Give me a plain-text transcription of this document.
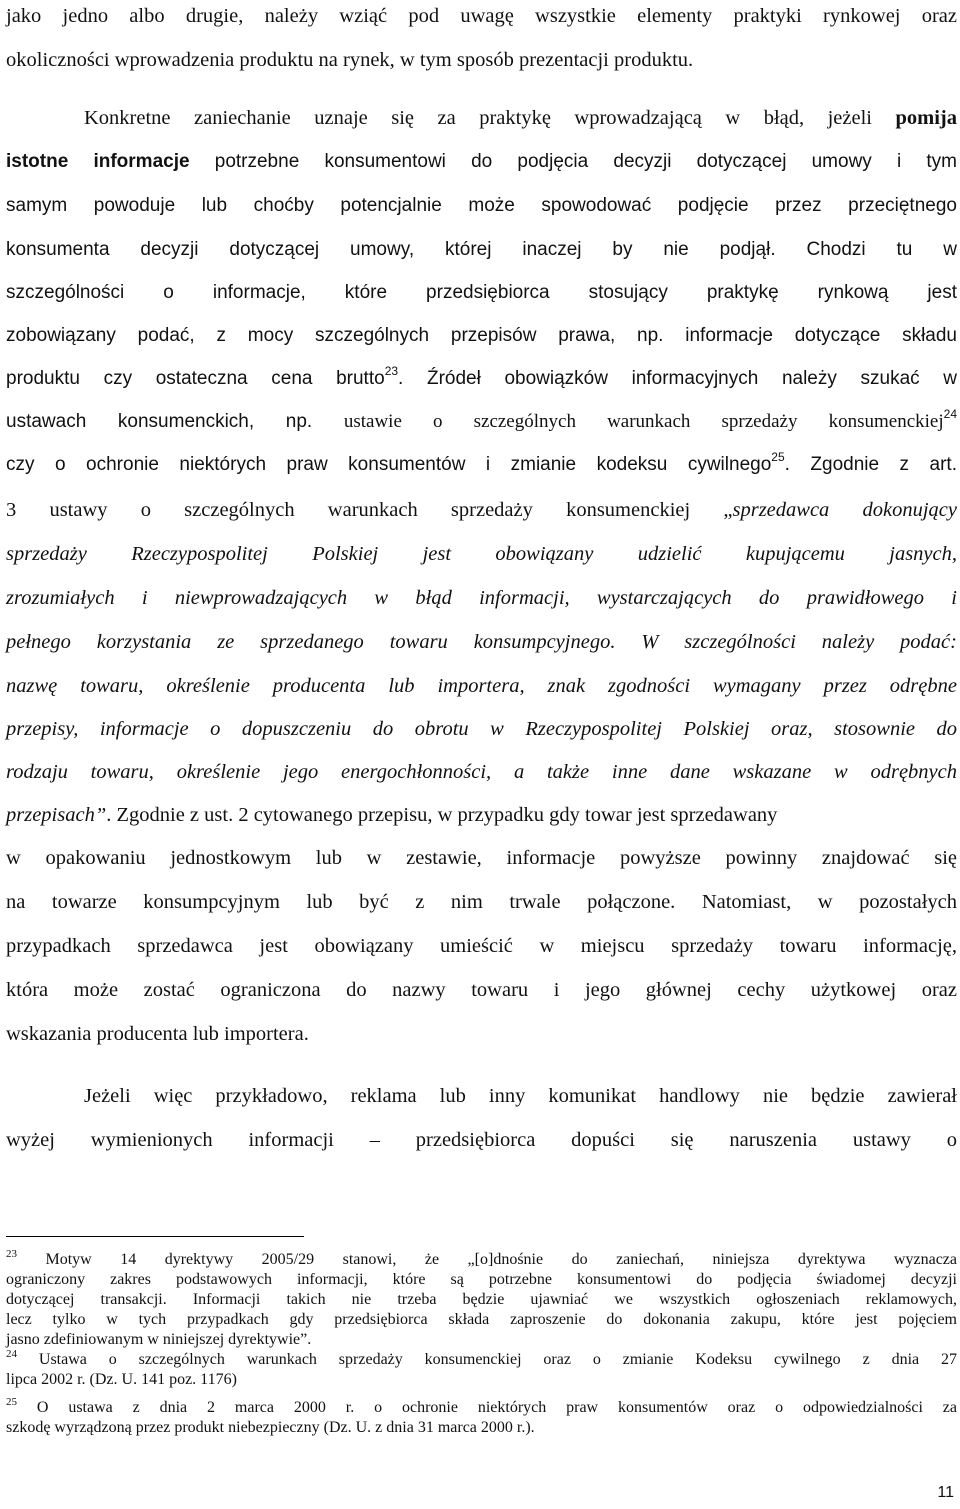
jako jedno albo drugie, należy wziąć pod uwagę wszystkie elementy praktyki rynkowej oraz
okoliczności wprowadzenia produktu na rynek, w tym sposób prezentacji produktu.
Konkretne zaniechanie uznaje się za praktykę wprowadzającą w błąd, jeżeli pomija
istotne informacje potrzebne konsumentowi do podjęcia decyzji dotyczącej umowy i tym
samym powoduje lub choćby potencjalnie może spowodować podjęcie przez przeciętnego
konsumenta decyzji dotyczącej umowy, której inaczej by nie podjął. Chodzi tu w
szczególności o informacje, które przedsiębiorca stosujący praktykę rynkową jest
zobowiązany podać, z mocy szczególnych przepisów prawa, np. informacje dotyczące składu
produktu czy ostateczna cena brutto$^{23}$. Źródeł obowiązków informacyjnych należy szukać w
ustawach konsumenckich, np. ustawie o szczególnych warunkach sprzedaży konsumenckiej$^{24}$
czy o ochronie niektórych praw konsumentów i zmianie kodeksu cywilnego$^{25}$. Zgodnie z art.
3 ustawy o szczególnych warunkach sprzedaży konsumenckiej „sprzedawca dokonujący
sprzedaży Rzeczypospolitej Polskiej jest obowiązany udzielić kupującemu jasnych,
zrozumiałych i niewprowadzających w błąd informacji, wystarczających do prawidłowego i
pełnego korzystania ze sprzedanego towaru konsumpcyjnego. W szczególności należy podać:
nazwę towaru, określenie producenta lub importera, znak zgodności wymagany przez odrębne
przepisy, informacje o dopuszczeniu do obrotu w Rzeczypospolitej Polskiej oraz, stosownie do
rodzaju towaru, określenie jego energochłonności, a także inne dane wskazane w odrębnych
przepisach”. Zgodnie z ust. 2 cytowanego przepisu, w przypadku gdy towar jest sprzedawany
w opakowaniu jednostkowym lub w zestawie, informacje powyższe powinny znajdować się
na towarze konsumpcyjnym lub być z nim trwale połączone. Natomiast, w pozostałych
przypadkach sprzedawca jest obowiązany umieścić w miejscu sprzedaży towaru informację,
która może zostać ograniczona do nazwy towaru i jego głównej cechy użytkowej oraz
wskazania producenta lub importera.
Jeżeli więc przykładowo, reklama lub inny komunikat handlowy nie będzie zawierał
wyżej wymienionych informacji – przedsiębiorca dopuści się naruszenia ustawy o
$^{23}$ Motyw 14 dyrektywy 2005/29 stanowi, że „[o]dnośnie do zaniechań, niniejsza dyrektywa wyznacza
ograniczony zakres podstawowych informacji, które są potrzebne konsumentowi do podjęcia świadomej decyzji
dotyczącej transakcji. Informacji takich nie trzeba będzie ujawniać we wszystkich ogłoszeniach reklamowych,
lecz tylko w tych przypadkach gdy przedsiębiorca składa zaproszenie do dokonania zakupu, które jest pojęciem
jasno zdefiniowanym w niniejszej dyrektywie”.
$^{24}$ Ustawa o szczególnych warunkach sprzedaży konsumenckiej oraz o zmianie Kodeksu cywilnego z dnia 27
lipca 2002 r. (Dz. U. 141 poz. 1176)
$^{25}$ O ustawa z dnia 2 marca 2000 r. o ochronie niektórych praw konsumentów oraz o odpowiedzialności za
szkodę wyrządzoną przez produkt niebezpieczny (Dz. U. z dnia 31 marca 2000 r.).
11
